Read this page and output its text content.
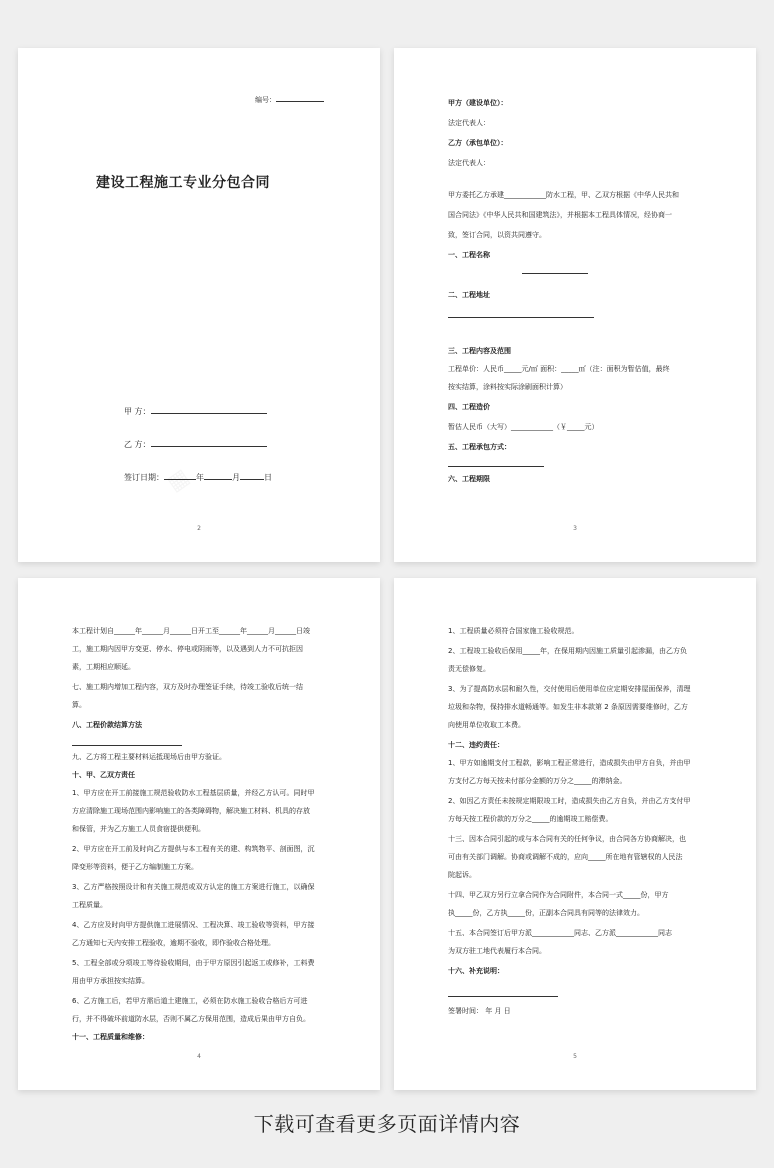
编号：
建设工程施工专业分包合同
甲 方：
乙 方：
签订日期：	年	月	日
2
甲方（建设单位）：
法定代表人：
乙方（承包单位）：
法定代表人：
甲方委托乙方承建____________防水工程，甲、乙双方根据《中华人民共和
国合同法》《中华人民共和国建筑法》，并根据本工程具体情况，经协商一
致，签订合同，以资共同遵守。
一、工程名称
二、工程地址
三、工程内容及范围
工程单价：人民币_____元/㎡ 面积：_____㎡（注：面积为暂估值，最终
按实结算，涂料按实际涂刷面积计算）
四、工程造价
暂估人民币（大写）____________（￥_____元）
五、工程承包方式：
六、工程期限
3
本工程计划自______年______月______日开工至______年______月______日竣
工，施工期内因甲方变更、停水、停电或阴雨等，以及遇到人力不可抗拒因
素，工期相应顺延。
七、施工期内增加工程内容，双方及时办理签证手续，待竣工验收后统一结
算。
八、工程价款结算方法
九、乙方将工程主要材料运抵现场后由甲方验证。
十、甲、乙双方责任
1、甲方应在开工前接施工规范验收防水工程基层质量，并经乙方认可。同时甲
方应清除施工现场范围内影响施工的各类障碍物，解决施工材料、机具的存放
和保管，并为乙方施工人员食宿提供便利。
2、甲方应在开工前及时向乙方提供与本工程有关的建、构筑物平、剖面图，沉
降变形等资料，便于乙方编制施工方案。
3、乙方严格按照设计和有关施工规范或双方认定的施工方案进行施工，以确保
工程质量。
4、乙方应及时向甲方提供施工进展情况、工程决算、竣工验收等资料，甲方接
乙方通知七天内安排工程验收，逾期不验收，即作验收合格处理。
5、工程全部或分项竣工等待验收期间，由于甲方原因引起返工或修补，工料费
用由甲方承担按实结算。
6、乙方施工后，若甲方需后道土建施工，必须在防水施工验收合格后方可进
行，并不得破坏前道防水层，否则不属乙方保用范围，造成后果由甲方自负。
十一、工程质量和维修：
4
1、工程质量必须符合国家施工验收规范。
2、工程竣工验收后保用_____年，在保用期内因施工质量引起渗漏，由乙方负
责无偿修复。
3、为了提高防水层和耐久性，交付使用后使用单位应定期安排屋面保养，清理
垃圾和杂物，保持排水道畅通等。如发生非本款第 2 条原因需要维修时，乙方
向使用单位收取工本费。
十二、违约责任：
1、甲方如逾期支付工程款，影响工程正常进行，造成损失由甲方自负，并由甲
方支付乙方每天按未付部分金额的万分之_____的滞纳金。
2、如因乙方责任未按规定期限竣工时，造成损失由乙方自负，并由乙方支付甲
方每天按工程价款的万分之_____的逾期竣工赔偿费。
十三、因本合同引起的或与本合同有关的任何争议，由合同各方协商解决，也
可由有关部门调解。协商或调解不成的，应向_____所在地有管辖权的人民法
院起诉。
十四、甲乙双方另行立拿合同作为合同附件，本合同一式_____份，甲方
执_____份，乙方执_____份，正副本合同具有同等的法律效力。
十五、本合同签订后甲方派____________同志、乙方派____________同志
为双方驻工地代表履行本合同。
十六、补充说明：
签署时间： 年 月 日
5
下载可查看更多页面详情内容
